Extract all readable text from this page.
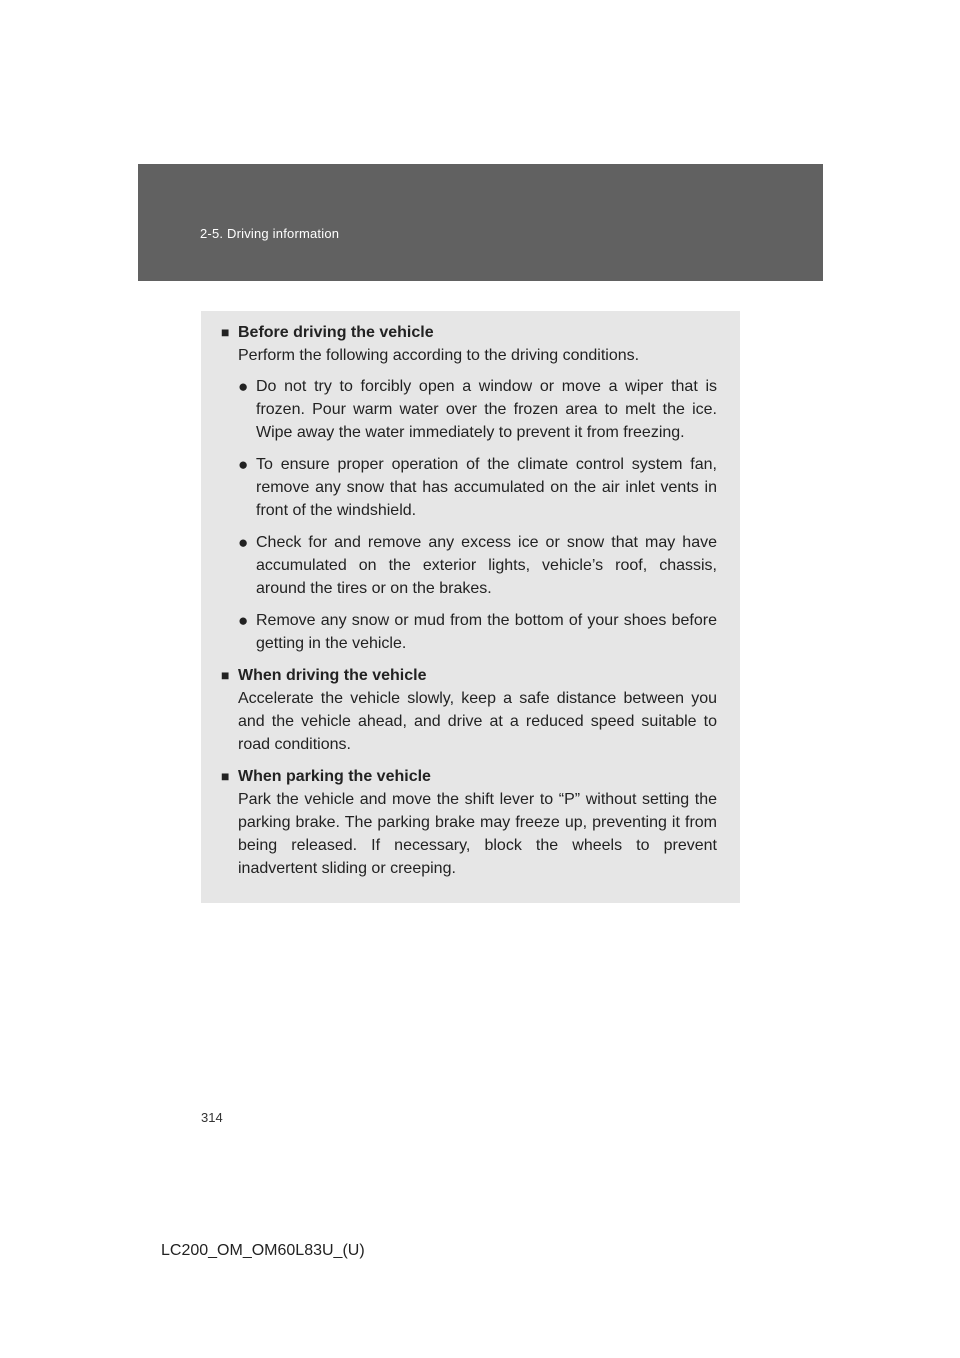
2-5. Driving information
■ Before driving the vehicle
Perform the following according to the driving conditions.
● Do not try to forcibly open a window or move a wiper that is frozen. Pour warm water over the frozen area to melt the ice. Wipe away the water immediately to prevent it from freezing.
● To ensure proper operation of the climate control system fan, remove any snow that has accumulated on the air inlet vents in front of the windshield.
● Check for and remove any excess ice or snow that may have accumulated on the exterior lights, vehicle’s roof, chassis, around the tires or on the brakes.
● Remove any snow or mud from the bottom of your shoes before getting in the vehicle.
■ When driving the vehicle
Accelerate the vehicle slowly, keep a safe distance between you and the vehicle ahead, and drive at a reduced speed suitable to road conditions.
■ When parking the vehicle
Park the vehicle and move the shift lever to “P” without setting the parking brake. The parking brake may freeze up, preventing it from being released. If necessary, block the wheels to prevent inadvertent sliding or creeping.
314
LC200_OM_OM60L83U_(U)
